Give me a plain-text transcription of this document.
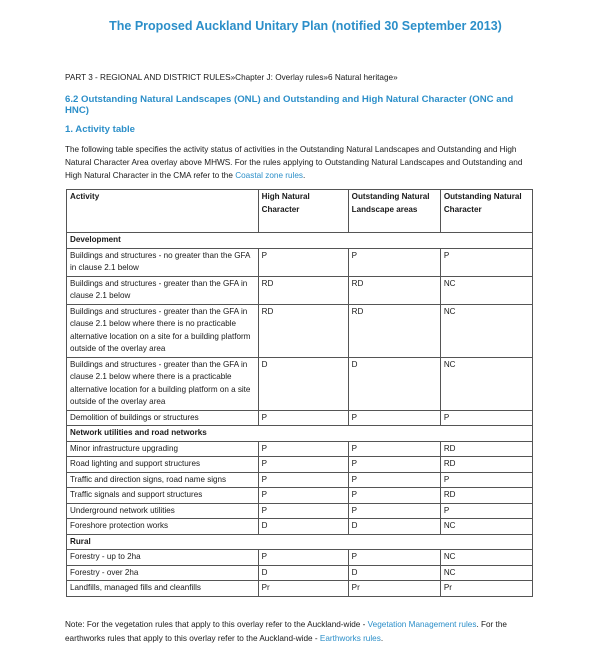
The Proposed Auckland Unitary Plan (notified 30 September 2013)
PART 3 - REGIONAL AND DISTRICT RULES»Chapter J: Overlay rules»6 Natural heritage»
6.2 Outstanding Natural Landscapes (ONL) and Outstanding and High Natural Character (ONC and HNC)
1. Activity table
The following table specifies the activity status of activities in the Outstanding Natural Landscapes and Outstanding and High Natural Character Area overlay above MHWS. For the rules applying to Outstanding Natural Landscapes and Outstanding and High Natural Character in the CMA refer to the Coastal zone rules.
Activity	High Natural Character	Outstanding Natural Landscape areas	Outstanding Natural Character
Development			
Buildings and structures - no greater than the GFA in clause 2.1 below	P	P	P
Buildings and structures - greater than the GFA in clause 2.1 below	RD	RD	NC
Buildings and structures - greater than the GFA in clause 2.1 below where there is no practicable alternative location on a site for a building platform outside of the overlay area	RD	RD	NC
Buildings and structures - greater than the GFA in clause 2.1 below where there is a practicable alternative location for a building platform on a site outside of the overlay area	D	D	NC
Demolition of buildings or structures	P	P	P
Network utilities and road networks			
Minor infrastructure upgrading	P	P	RD
Road lighting and support structures	P	P	RD
Traffic and direction signs, road name signs	P	P	P
Traffic signals and support structures	P	P	RD
Underground network utilities	P	P	P
Foreshore protection works	D	D	NC
Rural			
Forestry - up to 2ha	P	P	NC
Forestry - over 2ha	D	D	NC
Landfills, managed fills and cleanfills	Pr	Pr	Pr
Note: For the vegetation rules that apply to this overlay refer to the Auckland-wide - Vegetation Management rules. For the earthworks rules that apply to this overlay refer to the Auckland-wide - Earthworks rules.
